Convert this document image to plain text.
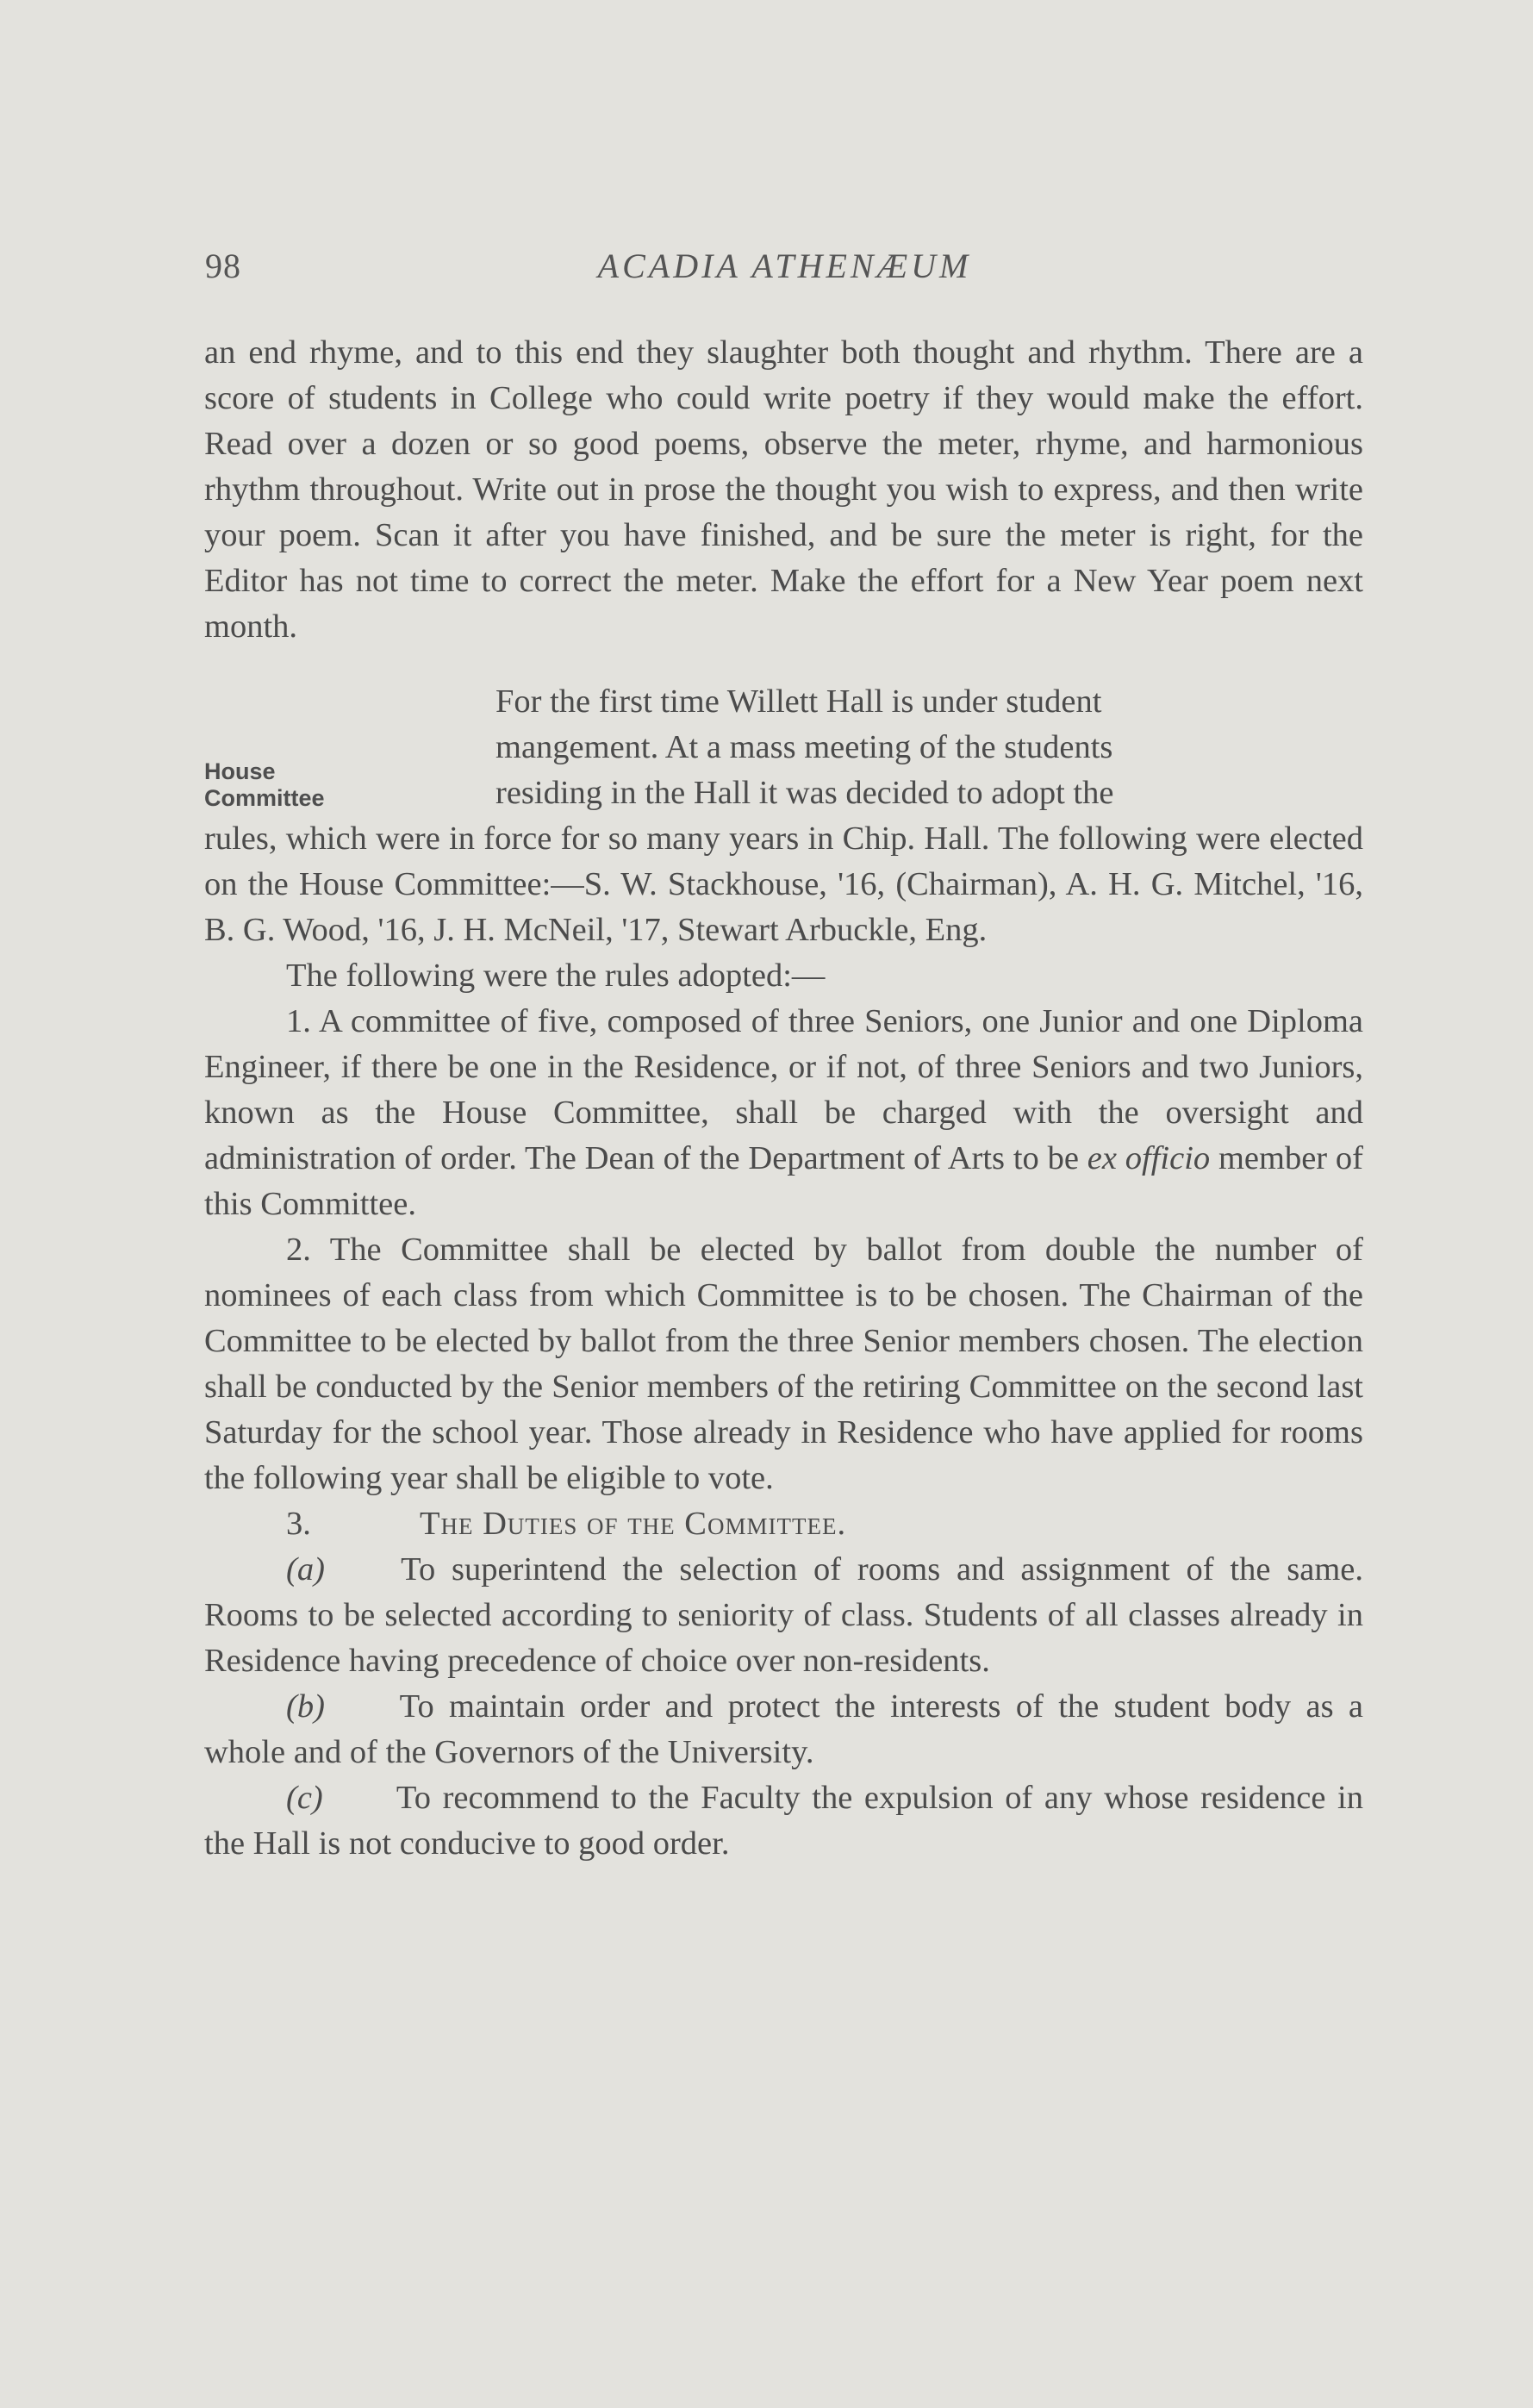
98	ACADIA ATHENÆUM
House
Committee

an end rhyme, and to this end they slaughter both thought and rhythm. There are a score of students in College who could write poetry if they would make the effort. Read over a dozen or so good poems, observe the meter, rhyme, and harmonious rhythm throughout. Write out in prose the thought you wish to express, and then write your poem. Scan it after you have finished, and be sure the meter is right, for the Editor has not time to correct the meter. Make the effort for a New Year poem next month.

For the first time Willett Hall is under student
mangement. At a mass meeting of the students
residing in the Hall it was decided to adopt the

rules, which were in force for so many years in Chip. Hall. The following were elected on the House Committee:—S. W. Stackhouse, '16, (Chairman), A. H. G. Mitchel, '16, B. G. Wood, '16, J. H. McNeil, '17, Stewart Arbuckle, Eng.

The following were the rules adopted:—

1. A committee of five, composed of three Seniors, one Junior and one Diploma Engineer, if there be one in the Residence, or if not, of three Seniors and two Juniors, known as the House Committee, shall be charged with the oversight and administration of order. The Dean of the Department of Arts to be ex officio member of this Committee.

2. The Committee shall be elected by ballot from double the number of nominees of each class from which Committee is to be chosen. The Chairman of the Committee to be elected by ballot from the three Senior members chosen. The election shall be conducted by the Senior members of the retiring Committee on the second last Saturday for the school year. Those already in Residence who have applied for rooms the following year shall be eligible to vote.

3.	The Duties of the Committee.

(a) To superintend the selection of rooms and assignment of the same. Rooms to be selected according to seniority of class. Students of all classes already in Residence having precedence of choice over non-residents.

(b) To maintain order and protect the interests of the student body as a whole and of the Governors of the University.

(c) To recommend to the Faculty the expulsion of any whose residence in the Hall is not conducive to good order.
